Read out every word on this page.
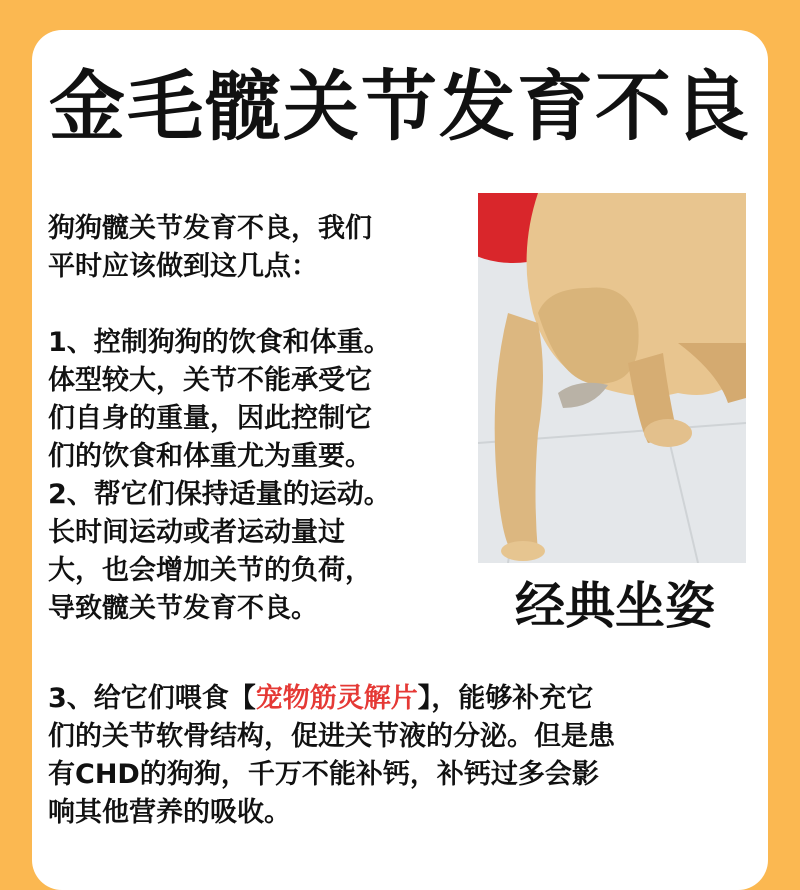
金毛髋关节发育不良

狗狗髋关节发育不良，我们

平时应该做到这几点：

1、控制狗狗的饮食和体重。

体型较大，关节不能承受它

们自身的重量，因此控制它

们的饮食和体重尤为重要。

2、帮它们保持适量的运动。

长时间运动或者运动量过

大，也会增加关节的负荷，

导致髋关节发育不良。	经典坐姿

3、给它们喂食【宠物筋灵解片】，能够补充它

们的关节软骨结构，促进关节液的分泌。但是患

有CHD的狗狗，千万不能补钙，补钙过多会影

响其他营养的吸收。
